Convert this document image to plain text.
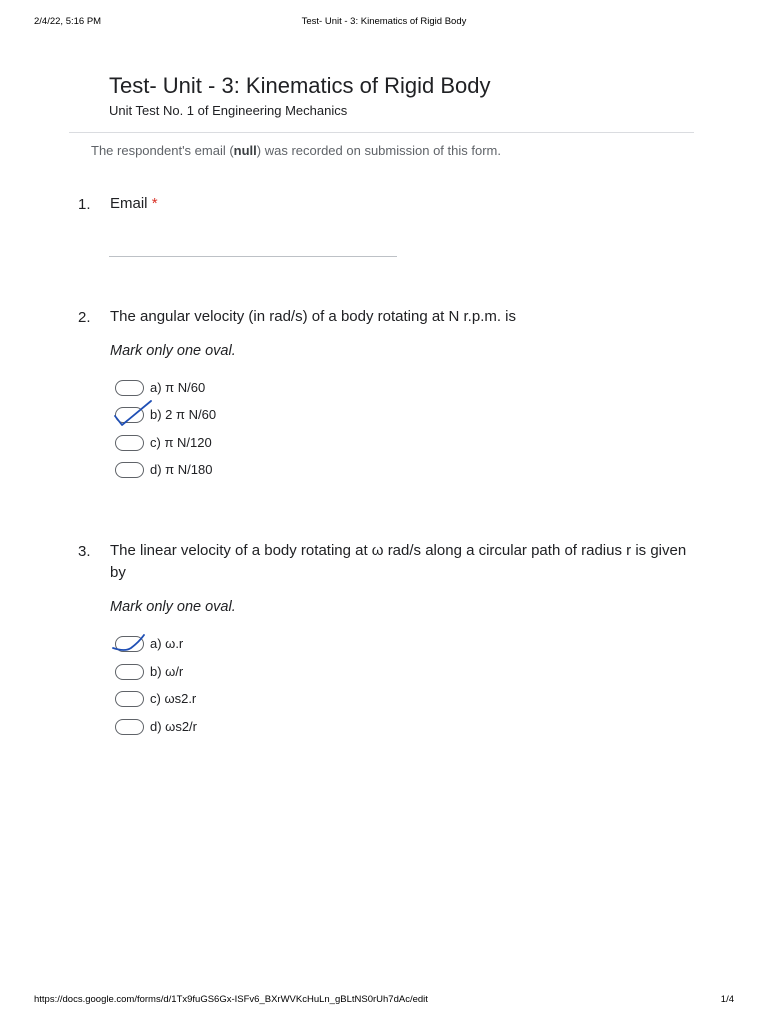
2/4/22, 5:16 PM	Test- Unit - 3: Kinematics of Rigid Body
Test- Unit - 3: Kinematics of Rigid Body
Unit Test No. 1 of Engineering Mechanics
The respondent's email (null) was recorded on submission of this form.
1. Email *
2. The angular velocity (in rad/s) of a body rotating at N r.p.m. is
Mark only one oval.
a) π N/60
b) 2 π N/60
c) π N/120
d) π N/180
3. The linear velocity of a body rotating at ω rad/s along a circular path of radius r is given by
Mark only one oval.
a) ω.r
b) ω/r
c) ωs2.r
d) ωs2/r
https://docs.google.com/forms/d/1Tx9fuGS6Gx-ISFv6_BXrWVKcHuLn_gBLtNS0rUh7dAc/edit	1/4
